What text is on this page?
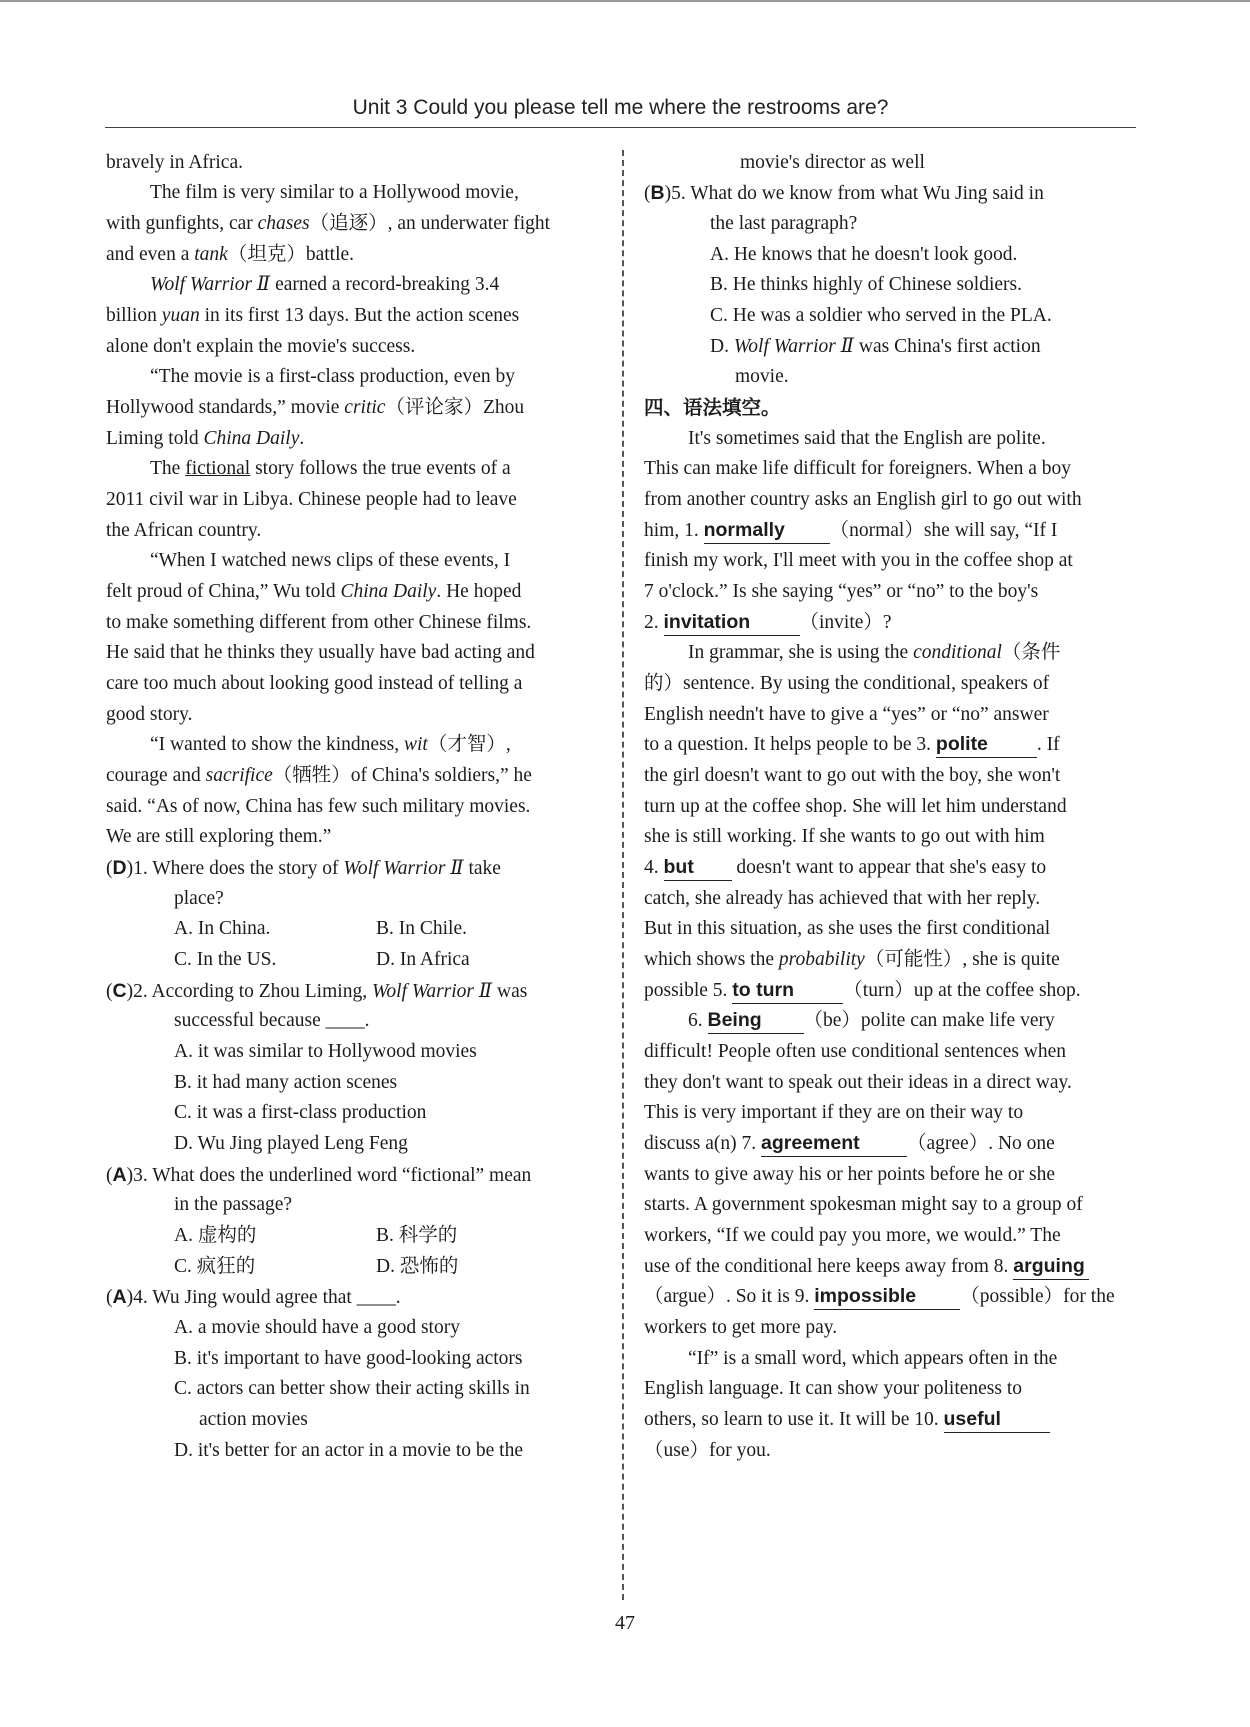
Unit 3 Could you please tell me where the restrooms are?
bravely in Africa.
The film is very similar to a Hollywood movie,
with gunfights, car chases（追逐）, an underwater fight
and even a tank（坦克）battle.
Wolf Warrior Ⅱ earned a record-breaking 3.4
billion yuan in its first 13 days. But the action scenes
alone don't explain the movie's success.
“The movie is a first-class production, even by
Hollywood standards,” movie critic（评论家）Zhou
Liming told China Daily.
The fictional story follows the true events of a
2011 civil war in Libya. Chinese people had to leave
the African country.
“When I watched news clips of these events, I
felt proud of China,” Wu told China Daily. He hoped
to make something different from other Chinese films.
He said that he thinks they usually have bad acting and
care too much about looking good instead of telling a
good story.
“I wanted to show the kindness, wit（才智）,
courage and sacrifice（牺牲）of China's soldiers,” he
said. “As of now, China has few such military movies.
We are still exploring them.”
(D)1. Where does the story of Wolf Warrior Ⅱ take
place?
A. In China.	B. In Chile.
C. In the US.	D. In Africa
(C)2. According to Zhou Liming, Wolf Warrior Ⅱ was
successful because ____.
A. it was similar to Hollywood movies
B. it had many action scenes
C. it was a first-class production
D. Wu Jing played Leng Feng
(A)3. What does the underlined word “fictional” mean
in the passage?
A. 虚构的	B. 科学的
C. 疯狂的	D. 恐怖的
(A)4. Wu Jing would agree that ____.
A. a movie should have a good story
B. it's important to have good-looking actors
C. actors can better show their acting skills in
action movies
D. it's better for an actor in a movie to be the
movie's director as well
(B)5. What do we know from what Wu Jing said in
the last paragraph?
A. He knows that he doesn't look good.
B. He thinks highly of Chinese soldiers.
C. He was a soldier who served in the PLA.
D. Wolf Warrior Ⅱ was China's first action
movie.
四、语法填空。
It's sometimes said that the English are polite.
This can make life difficult for foreigners. When a boy
from another country asks an English girl to go out with
him, 1. normally （normal）she will say, “If I
finish my work, I'll meet with you in the coffee shop at
7 o'clock.” Is she saying “yes” or “no” to the boy's
2. invitation	（invite）?
In grammar, she is using the conditional（条件
的）sentence. By using the conditional, speakers of
English needn't have to give a “yes” or “no” answer
to a question. It helps people to be 3. polite	. If
the girl doesn't want to go out with the boy, she won't
turn up at the coffee shop. She will let him understand
she is still working. If she wants to go out with him
4. but doesn't want to appear that she's easy to
catch, she already has achieved that with her reply.
But in this situation, as she uses the first conditional
which shows the probability（可能性）, she is quite
possible 5. to turn	（turn）up at the coffee shop.
6. Being （be）polite can make life very
difficult! People often use conditional sentences when
they don't want to speak out their ideas in a direct way.
This is very important if they are on their way to
discuss a(n) 7. agreement （agree）. No one
wants to give away his or her points before he or she
starts. A government spokesman might say to a group of
workers, “If we could pay you more, we would.” The
use of the conditional here keeps away from 8. arguing
（argue）. So it is 9. impossible （possible）for the
workers to get more pay.
“If” is a small word, which appears often in the
English language. It can show your politeness to
others, so learn to use it. It will be 10. useful
（use）for you.
47
